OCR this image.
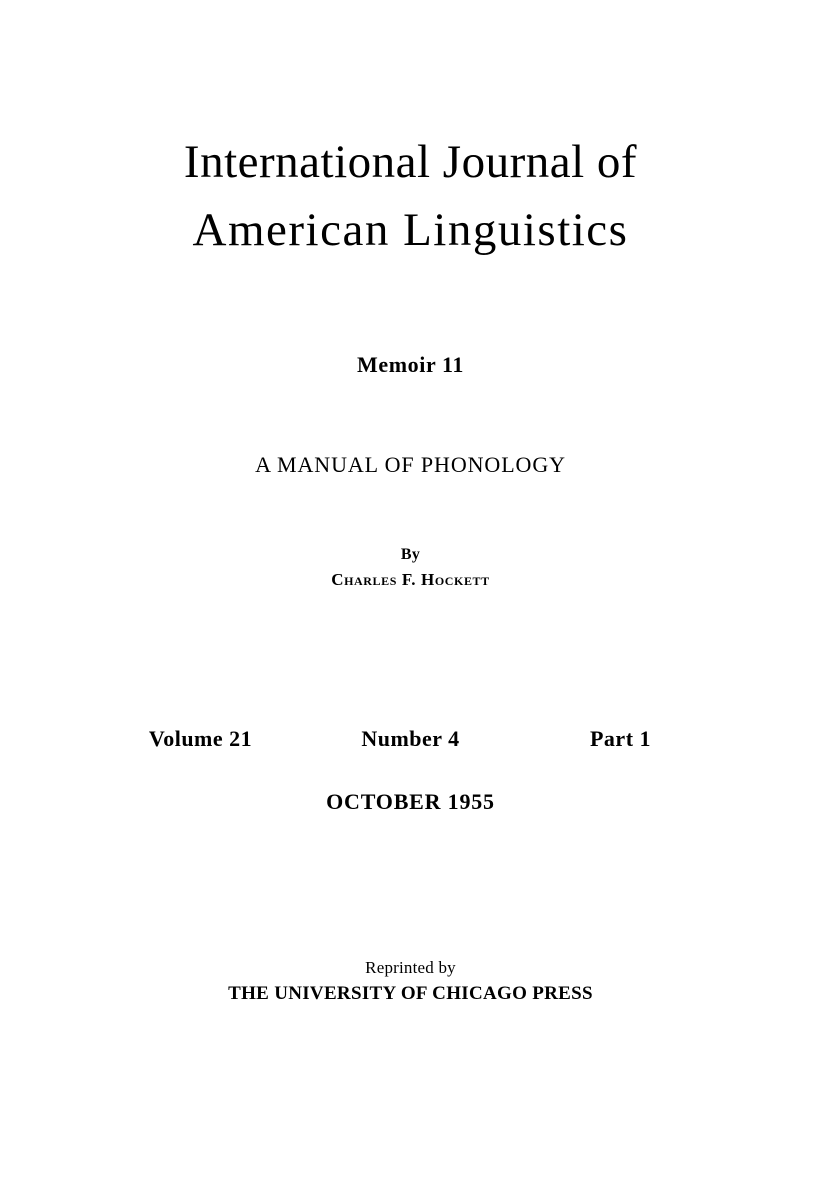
International Journal of
American Linguistics
Memoir 11
A MANUAL OF PHONOLOGY
By
Charles F. Hockett
Volume 21	Number 4	Part 1
OCTOBER 1955
Reprinted by
THE UNIVERSITY OF CHICAGO PRESS
